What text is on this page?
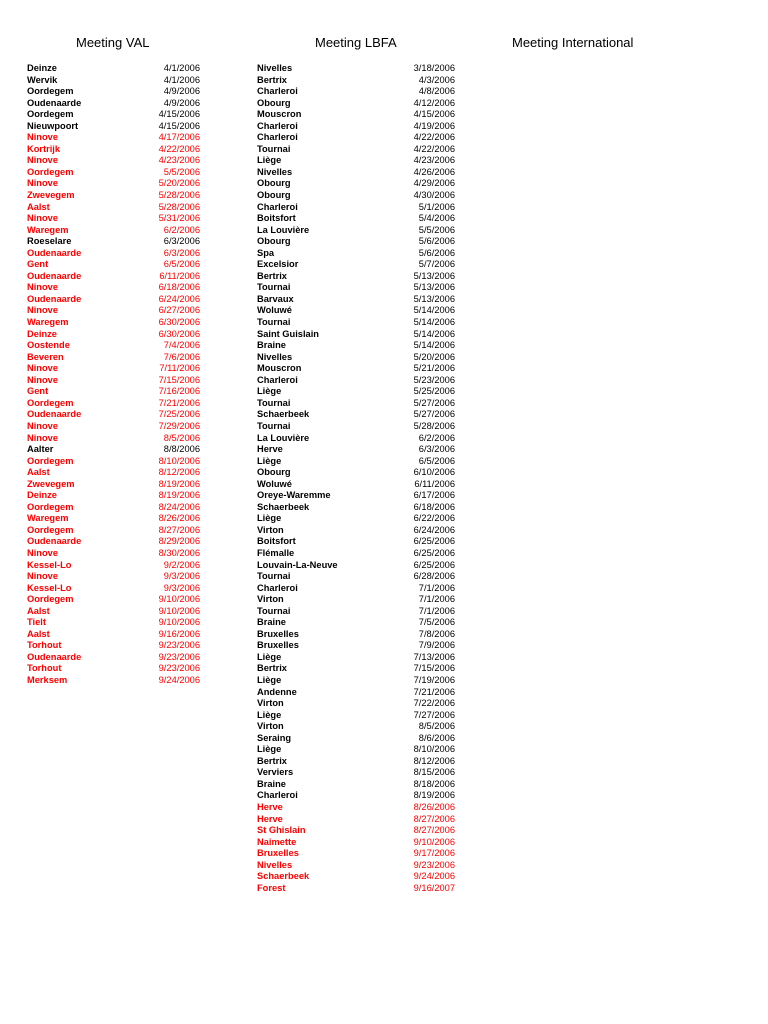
Meeting VAL	Meeting LBFA	Meeting International
Deinze	4/1/2006
Wervik	4/1/2006
Oordegem	4/9/2006
Oudenaarde	4/9/2006
Oordegem	4/15/2006
Nieuwpoort	4/15/2006
Ninove	4/17/2006
Kortrijk	4/22/2006
Ninove	4/23/2006
Oordegem	5/5/2006
Ninove	5/20/2006
Zwevegem	5/28/2006
Aalst	5/28/2006
Ninove	5/31/2006
Waregem	6/2/2006
Roeselare	6/3/2006
Oudenaarde	6/3/2006
Gent	6/5/2006
Oudenaarde	6/11/2006
Ninove	6/18/2006
Oudenaarde	6/24/2006
Ninove	6/27/2006
Waregem	6/30/2006
Deinze	6/30/2006
Oostende	7/4/2006
Beveren	7/6/2006
Ninove	7/11/2006
Ninove	7/15/2006
Gent	7/16/2006
Oordegem	7/21/2006
Oudenaarde	7/25/2006
Ninove	7/29/2006
Ninove	8/5/2006
Aalter	8/8/2006
Oordegem	8/10/2006
Aalst	8/12/2006
Zwevegem	8/19/2006
Deinze	8/19/2006
Oordegem	8/24/2006
Waregem	8/26/2006
Oordegem	8/27/2006
Oudenaarde	8/29/2006
Ninove	8/30/2006
Kessel-Lo	9/2/2006
Ninove	9/3/2006
Kessel-Lo	9/3/2006
Oordegem	9/10/2006
Aalst	9/10/2006
Tielt	9/10/2006
Aalst	9/16/2006
Torhout	9/23/2006
Oudenaarde	9/23/2006
Torhout	9/23/2006
Merksem	9/24/2006
Nivelles	3/18/2006
Bertrix	4/3/2006
Charleroi	4/8/2006
Obourg	4/12/2006
Mouscron	4/15/2006
Charleroi	4/19/2006
Charleroi	4/22/2006
Tournai	4/22/2006
Liège	4/23/2006
Nivelles	4/26/2006
Obourg	4/29/2006
Obourg	4/30/2006
Charleroi	5/1/2006
Boitsfort	5/4/2006
La Louvière	5/5/2006
Obourg	5/6/2006
Spa	5/6/2006
Excelsior	5/7/2006
Bertrix	5/13/2006
Tournai	5/13/2006
Barvaux	5/13/2006
Woluwé	5/14/2006
Tournai	5/14/2006
Saint Guislain	5/14/2006
Braine	5/14/2006
Nivelles	5/20/2006
Mouscron	5/21/2006
Charleroi	5/23/2006
Liège	5/25/2006
Tournai	5/27/2006
Schaerbeek	5/27/2006
Tournai	5/28/2006
La Louvière	6/2/2006
Herve	6/3/2006
Liège	6/5/2006
Obourg	6/10/2006
Woluwé	6/11/2006
Oreye-Waremme	6/17/2006
Schaerbeek	6/18/2006
Liège	6/22/2006
Virton	6/24/2006
Boitsfort	6/25/2006
Flémalle	6/25/2006
Louvain-La-Neuve	6/25/2006
Tournai	6/28/2006
Charleroi	7/1/2006
Virton	7/1/2006
Tournai	7/1/2006
Braine	7/5/2006
Bruxelles	7/8/2006
Bruxelles	7/9/2006
Liège	7/13/2006
Bertrix	7/15/2006
Liège	7/19/2006
Andenne	7/21/2006
Virton	7/22/2006
Liège	7/27/2006
Virton	8/5/2006
Seraing	8/6/2006
Liège	8/10/2006
Bertrix	8/12/2006
Verviers	8/15/2006
Braine	8/18/2006
Charleroi	8/19/2006
Herve	8/26/2006
Herve	8/27/2006
St Ghislain	8/27/2006
Naimette	9/10/2006
Bruxelles	9/17/2006
Nivelles	9/23/2006
Schaerbeek	9/24/2006
Forest	9/16/2007
